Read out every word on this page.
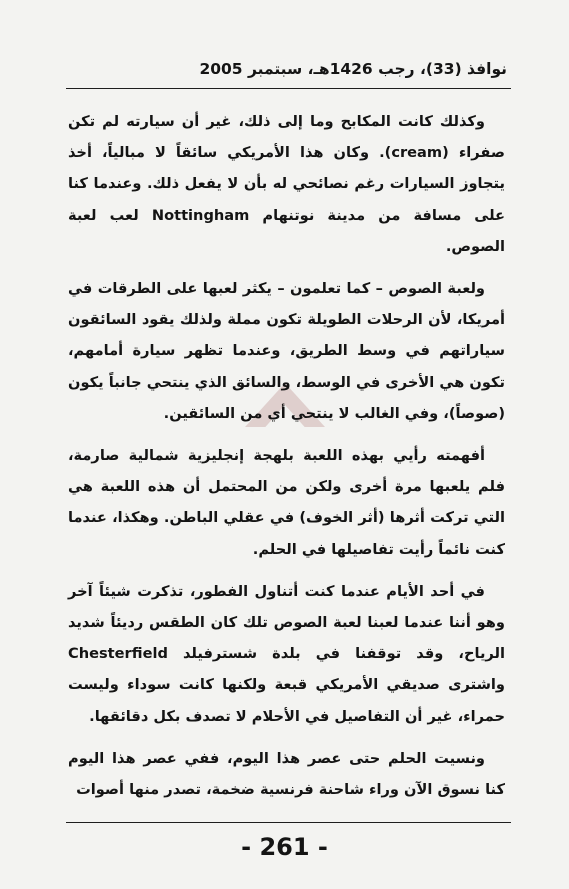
نوافذ (33)، رجب 1426هـ، سبتمبر 2005

وكذلك كانت المكابح وما إلى ذلك، غير أن سيارته لم تكن صفراء (cream). وكان هذا الأمريكي سائقاً لا مبالياً، أخذ يتجاوز السيارات رغم نصائحي له بأن لا يفعل ذلك. وعندما كنا على مسافة من مدينة نوتنهام Nottingham لعب لعبة الصوص.

ولعبة الصوص – كما تعلمون – يكثر لعبها على الطرقات في أمريكا، لأن الرحلات الطويلة تكون مملة ولذلك يقود السائقون سياراتهم في وسط الطريق، وعندما تظهر سيارة أمامهم، تكون هي الأخرى في الوسط، والسائق الذي ينتحي جانباً يكون (صوصاً)، وفي الغالب لا ينتحي أي من السائقين.

أفهمته رأيي بهذه اللعبة بلهجة إنجليزية شمالية صارمة، فلم يلعبها مرة أخرى ولكن من المحتمل أن هذه اللعبة هي التي تركت أثرها (أثر الخوف) في عقلي الباطن. وهكذا، عندما كنت نائماً رأيت تفاصيلها في الحلم.

في أحد الأيام عندما كنت أتناول الفطور، تذكرت شيئاً آخر وهو أننا عندما لعبنا لعبة الصوص تلك كان الطقس رديئاً شديد الرياح، وقد توقفنا في بلدة شسترفيلد Chesterfield واشترى صديقي الأمريكي قبعة ولكنها كانت سوداء وليست حمراء، غير أن التفاصيل في الأحلام لا تصدف بكل دقائقها.

ونسيت الحلم حتى عصر هذا اليوم، ففي عصر هذا اليوم كنا نسوق الآن وراء شاحنة فرنسية ضخمة، تصدر منها أصوات

- 261 -
